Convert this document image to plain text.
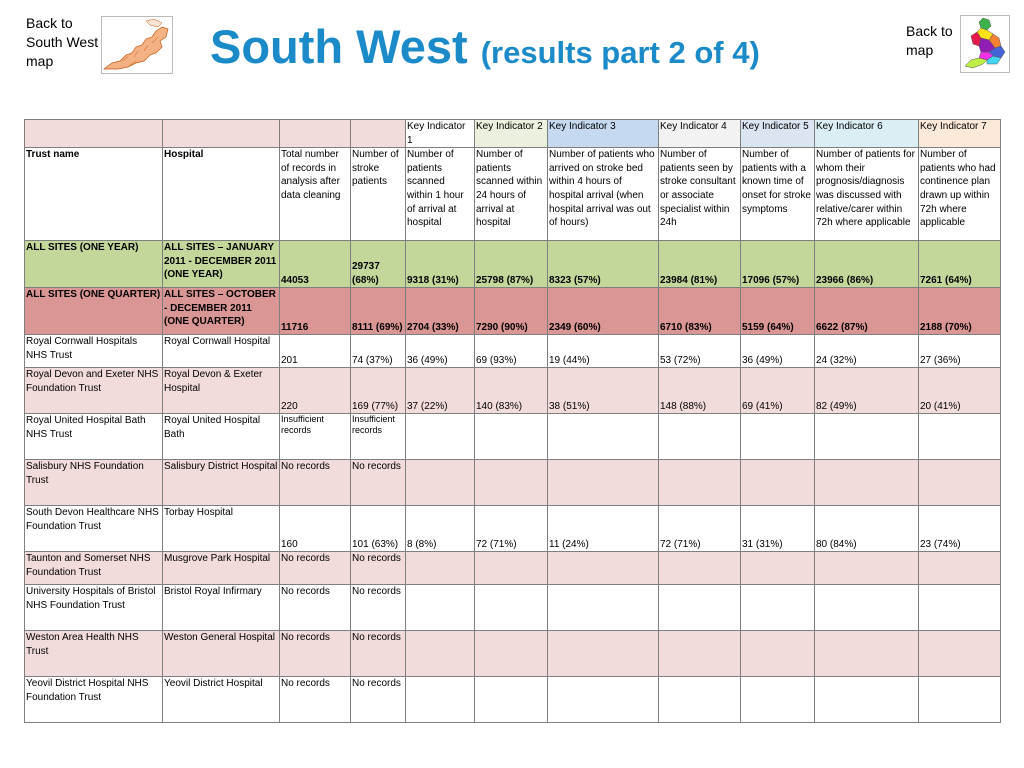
Back to South West map	South West (results part 2 of 4)
Back to map
				Key Indicator 1	Key Indicator 2	Key Indicator 3	Key Indicator 4	Key Indicator 5	Key Indicator 6	Key Indicator 7
Trust name	Hospital	Total number of records in analysis after data cleaning	Number of stroke patients	Number of patients scanned within 1 hour of arrival at hospital	Number of patients scanned within 24 hours of arrival at hospital	Number of patients who arrived on stroke bed within 4 hours of hospital arrival (when hospital arrival was out of hours)	Number of patients seen by stroke consultant or associate specialist within 24h	Number of patients with a known time of onset for stroke symptoms	Number of patients for whom their prognosis/diagnosis was discussed with relative/carer within 72h where applicable	Number of patients who had continence plan drawn up within 72h where applicable
ALL SITES (ONE YEAR)	ALL SITES – JANUARY 2011 - DECEMBER 2011 (ONE YEAR)	44053	29737 (68%)	9318 (31%)	25798 (87%)	8323 (57%)	23984 (81%)	17096 (57%)	23966 (86%)	7261 (64%)
ALL SITES (ONE QUARTER)	ALL SITES – OCTOBER - DECEMBER 2011 (ONE QUARTER)	11716	8111 (69%)	2704 (33%)	7290 (90%)	2349 (60%)	6710 (83%)	5159 (64%)	6622 (87%)	2188 (70%)
Royal Cornwall Hospitals NHS Trust	Royal Cornwall Hospital	201	74 (37%)	36 (49%)	69 (93%)	19 (44%)	53 (72%)	36 (49%)	24 (32%)	27 (36%)
Royal Devon and Exeter NHS Foundation Trust	Royal Devon & Exeter Hospital	220	169 (77%)	37 (22%)	140 (83%)	38 (51%)	148 (88%)	69 (41%)	82 (49%)	20 (41%)
Royal United Hospital Bath NHS Trust	Royal United Hospital Bath	Insufficient records	Insufficient records							
Salisbury NHS Foundation Trust	Salisbury District Hospital	No records	No records							
South Devon Healthcare NHS Foundation Trust	Torbay Hospital	160	101 (63%)	8 (8%)	72 (71%)	11 (24%)	72 (71%)	31 (31%)	80 (84%)	23 (74%)
Taunton and Somerset NHS Foundation Trust	Musgrove Park Hospital	No records	No records							
University Hospitals of Bristol NHS Foundation Trust	Bristol Royal Infirmary	No records	No records							
Weston Area Health NHS Trust	Weston General Hospital	No records	No records							
Yeovil District Hospital NHS Foundation Trust	Yeovil District Hospital	No records	No records							
